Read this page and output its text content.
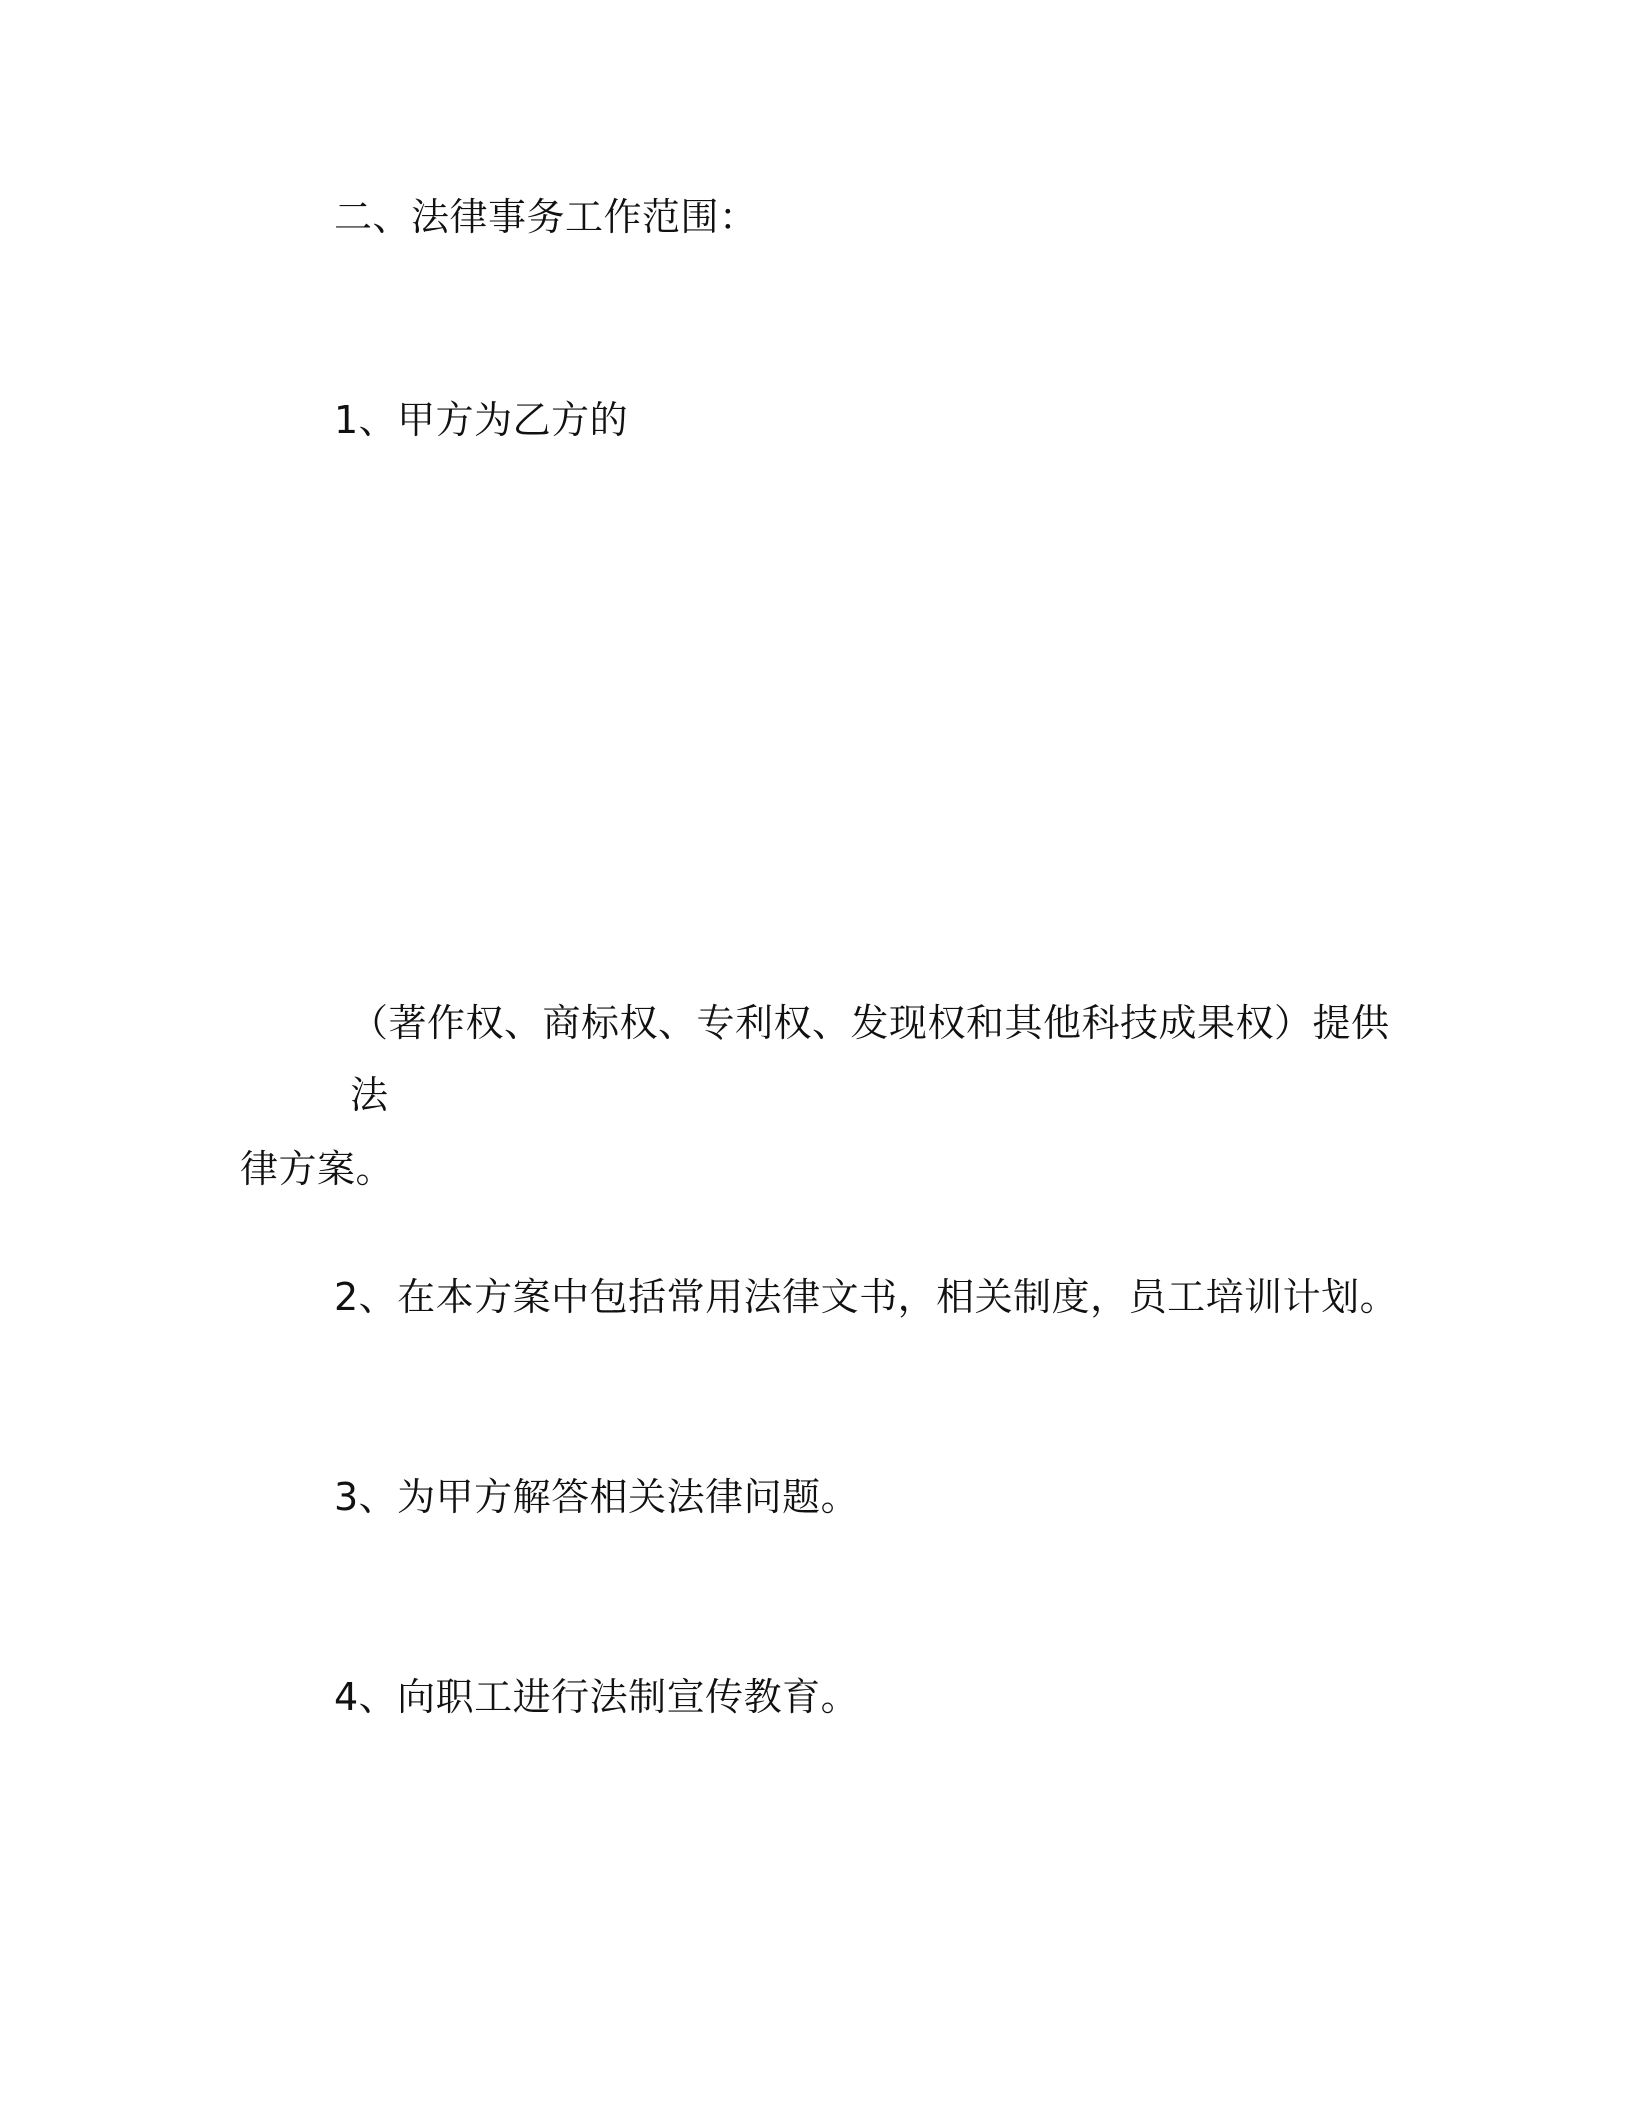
二、法律事务工作范围：
1、甲方为乙方的
（著作权、商标权、专利权、发现权和其他科技成果权）提供法
律方案。
2、在本方案中包括常用法律文书，相关制度，员工培训计划。
3、为甲方解答相关法律问题。
4、向职工进行法制宣传教育。
